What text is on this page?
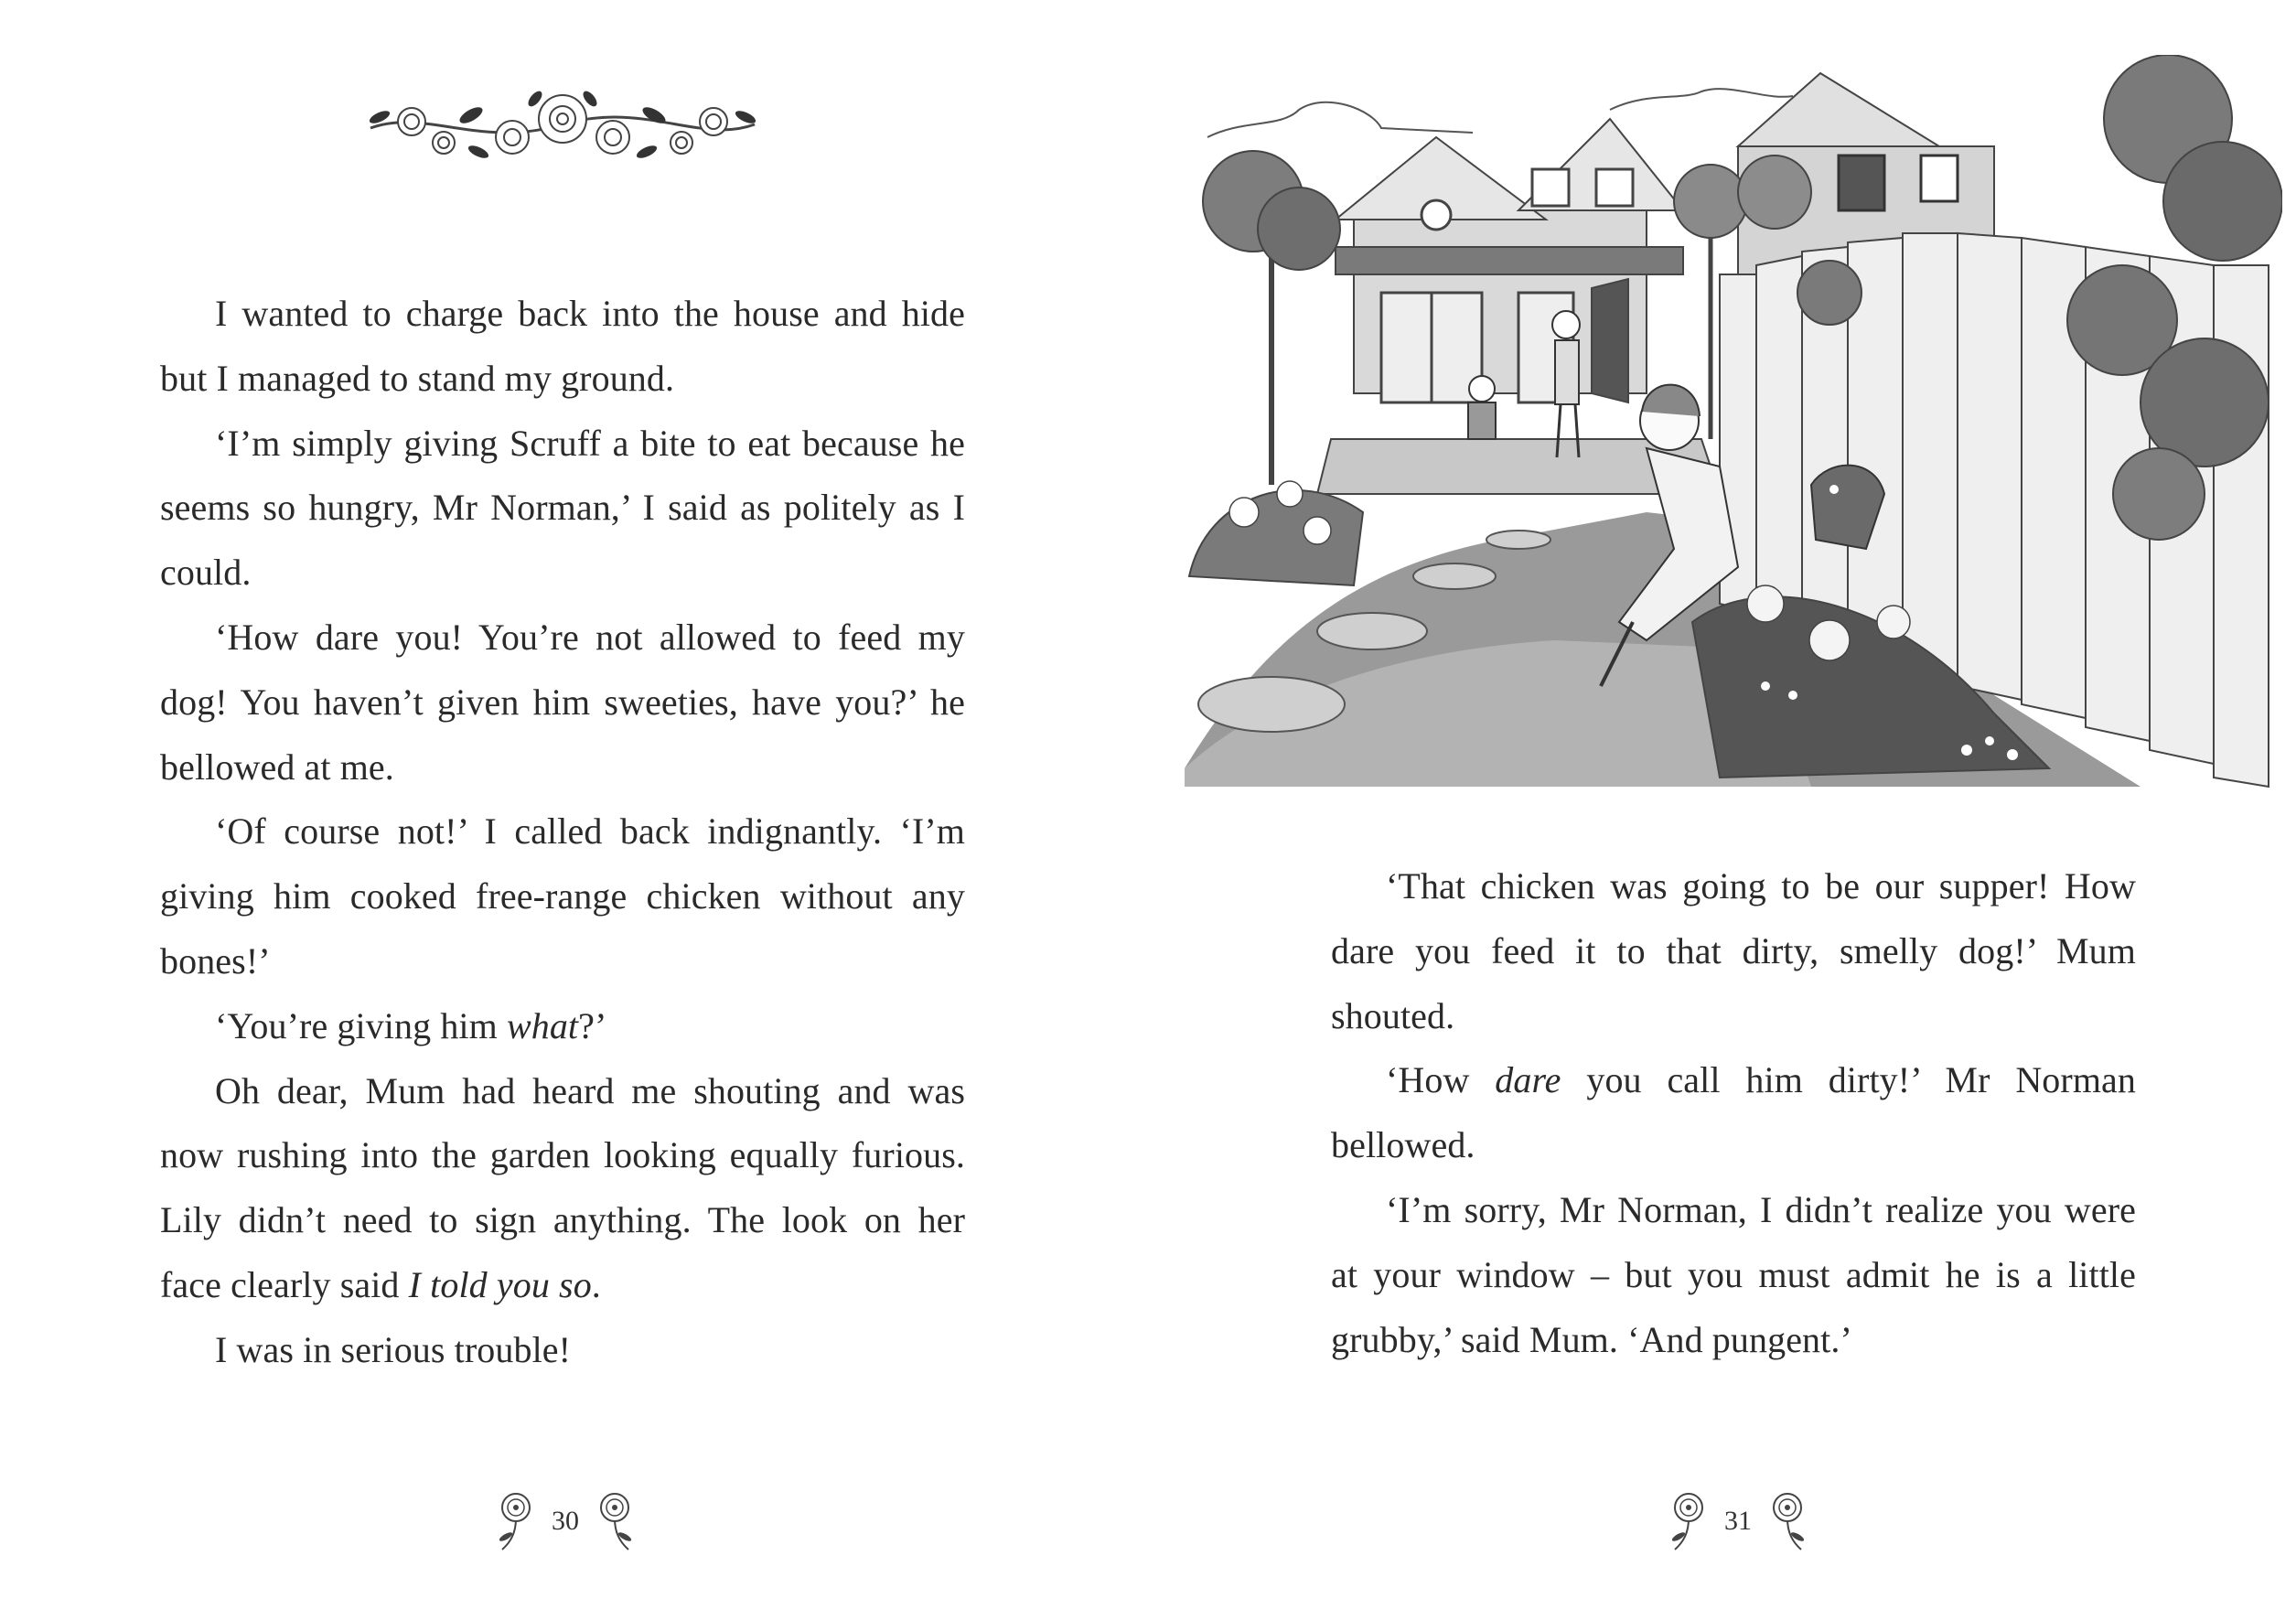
I wanted to charge back into the house and hide but I managed to stand my ground.

‘I’m simply giving Scruff a bite to eat because he seems so hungry, Mr Norman,’ I said as politely as I could.

‘How dare you! You’re not allowed to feed my dog! You haven’t given him sweeties, have you?’ he bellowed at me.

‘Of course not!’ I called back indignantly. ‘I’m giving him cooked free-range chicken without any bones!’

‘You’re giving him what?’

Oh dear, Mum had heard me shouting and was now rushing into the garden looking equally furious. Lily didn’t need to sign anything. The look on her face clearly said I told you so.

I was in serious trouble!

30

‘That chicken was going to be our supper! How dare you feed it to that dirty, smelly dog!’ Mum shouted.

‘How dare you call him dirty!’ Mr Norman bellowed.

‘I’m sorry, Mr Norman, I didn’t realize you were at your window – but you must admit he is a little grubby,’ said Mum. ‘And pungent.’

31
